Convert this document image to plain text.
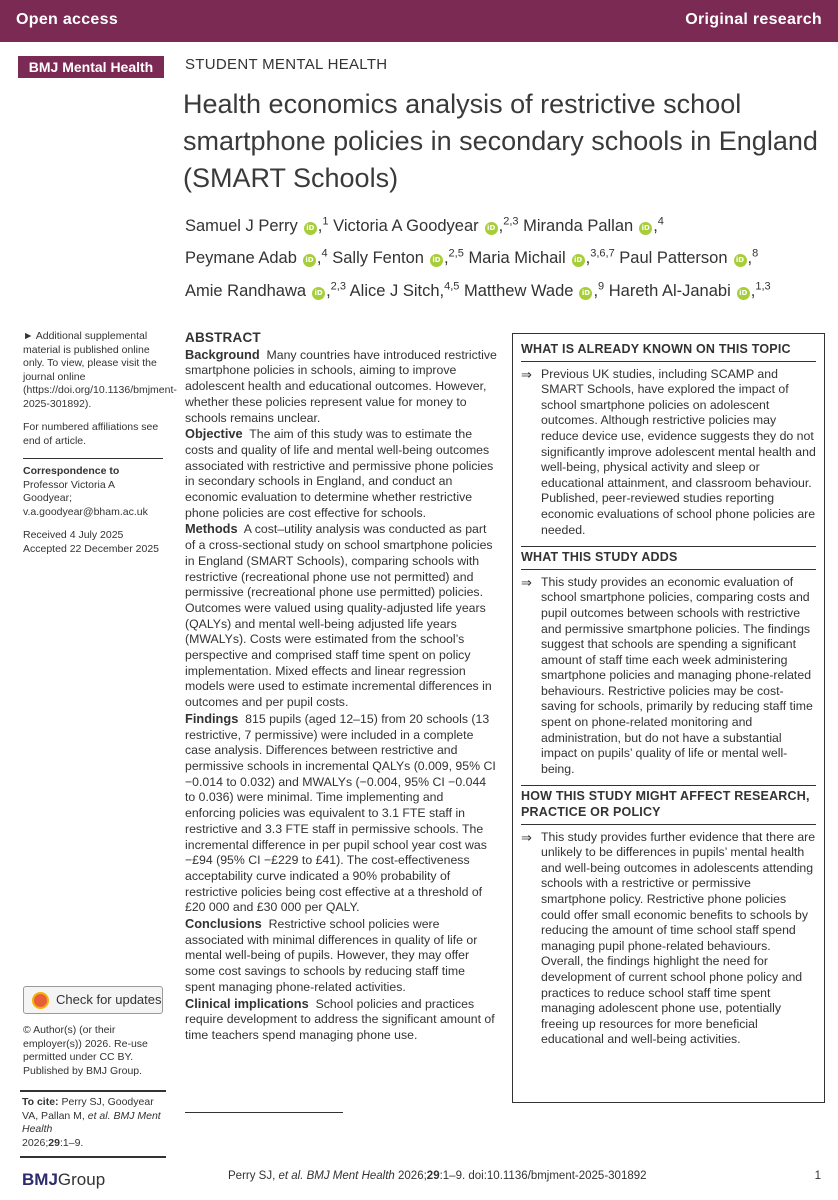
Open access	Original research
BMJ Mental Health	STUDENT MENTAL HEALTH
Health economics analysis of restrictive school smartphone policies in secondary schools in England (SMART Schools)
Samuel J Perry iD ,$^1$ Victoria A Goodyear iD ,$^{2,3}$ Miranda Pallan iD ,$^4$
Peymane Adab iD ,$^4$ Sally Fenton iD ,$^{2,5}$ Maria Michail iD ,$^{3,6,7}$ Paul Patterson iD ,$^8$
Amie Randhawa iD ,$^{2,3}$ Alice J Sitch,$^{4,5}$ Matthew Wade iD ,$^9$ Hareth Al-Janabi iD ,$^{1,3}$

► Additional supplemental material is published online only. To view, please visit the journal online (https://doi.org/10.1136/bmjment-2025-301892).

For numbered affiliations see end of article.

Correspondence to

Professor Victoria A Goodyear; v.a.goodyear@bham.ac.uk

Received 4 July 2025
Accepted 22 December 2025
Check for updates
© Author(s) (or their employer(s)) 2026. Re-use permitted under CC BY. Published by BMJ Group.
To cite: Perry SJ, Goodyear VA, Pallan M, et al. BMJ Ment Health
2026;29:1–9.
ABSTRACT

Background Many countries have introduced restrictive smartphone policies in schools, aiming to improve adolescent health and educational outcomes. However, whether these policies represent value for money to schools remains unclear.

Objective The aim of this study was to estimate the costs and quality of life and mental well-being outcomes associated with restrictive and permissive phone policies in secondary schools in England, and conduct an economic evaluation to determine whether restrictive phone policies are cost effective for schools.

Methods A cost–utility analysis was conducted as part of a cross-sectional study on school smartphone policies in England (SMART Schools), comparing schools with restrictive (recreational phone use not permitted) and permissive (recreational phone use permitted) policies. Outcomes were valued using quality-adjusted life years (QALYs) and mental well-being adjusted life years (MWALYs). Costs were estimated from the school’s perspective and comprised staff time spent on policy implementation. Mixed effects and linear regression models were used to estimate incremental differences in outcomes and per pupil costs.

Findings 815 pupils (aged 12–15) from 20 schools (13 restrictive, 7 permissive) were included in a complete case analysis. Differences between restrictive and permissive schools in incremental QALYs (0.009, 95% CI −0.014 to 0.032) and MWALYs (−0.004, 95% CI −0.044 to 0.036) were minimal. Time implementing and enforcing policies was equivalent to 3.1 FTE staff in restrictive and 3.3 FTE staff in permissive schools. The incremental difference in per pupil school year cost was −£94 (95% CI −£229 to £41). The cost-effectiveness acceptability curve indicated a 90% probability of restrictive policies being cost effective at a threshold of £20 000 and £30 000 per QALY.

Conclusions Restrictive school policies were associated with minimal differences in quality of life or mental well-being of pupils. However, they may offer some cost savings to schools by reducing staff time spent managing phone-related activities.

Clinical implications School policies and practices require development to address the significant amount of time teachers spend managing phone use.

WHAT IS ALREADY KNOWN ON THIS TOPIC
⇒ Previous UK studies, including SCAMP and SMART Schools, have explored the impact of school smartphone policies on adolescent outcomes. Although restrictive policies may reduce device use, evidence suggests they do not significantly improve adolescent mental health and well-being, physical activity and sleep or educational attainment, and classroom behaviour. Published, peer-reviewed studies reporting economic evaluations of school phone policies are needed.
WHAT THIS STUDY ADDS
⇒ This study provides an economic evaluation of school smartphone policies, comparing costs and pupil outcomes between schools with restrictive and permissive smartphone policies. The findings suggest that schools are spending a significant amount of staff time each week administering smartphone policies and managing phone-related behaviours. Restrictive policies may be cost-saving for schools, primarily by reducing staff time spent on phone-related monitoring and administration, but do not have a substantial impact on pupils’ quality of life or mental well-being.
HOW THIS STUDY MIGHT AFFECT RESEARCH, PRACTICE OR POLICY
⇒ This study provides further evidence that there are unlikely to be differences in pupils’ mental health and well-being outcomes in adolescents attending schools with a restrictive or permissive smartphone policy. Restrictive phone policies could offer small economic benefits to schools by reducing the amount of time school staff spend managing pupil phone-related behaviours. Overall, the findings highlight the need for development of current school phone policy and practices to reduce school staff time spent managing adolescent phone use, potentially freeing up resources for more beneficial educational and well-being activities.
BMJGroup	Perry SJ, et al. BMJ Ment Health 2026;29:1–9. doi:10.1136/bmjment-2025-301892	1
